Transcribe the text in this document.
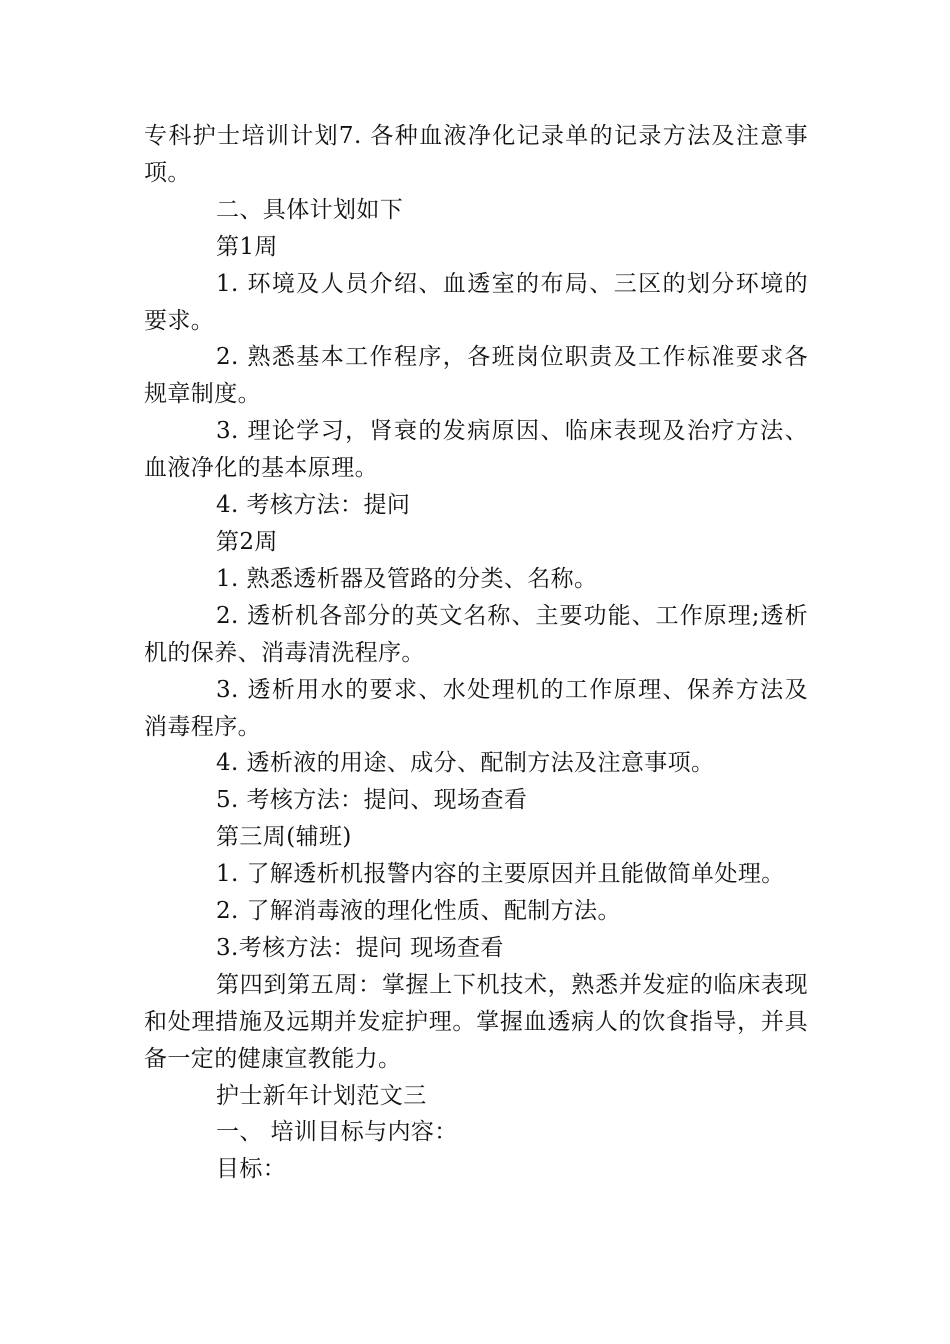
专科护士培训计划7. 各种血液净化记录单的记录方法及注意事项。

二、具体计划如下

第1周

1. 环境及人员介绍、血透室的布局、三区的划分环境的要求。

2. 熟悉基本工作程序，各班岗位职责及工作标准要求各规章制度。

3. 理论学习，肾衰的发病原因、临床表现及治疗方法、血液净化的基本原理。

4. 考核方法：提问

第2周

1. 熟悉透析器及管路的分类、名称。

2. 透析机各部分的英文名称、主要功能、工作原理;透析机的保养、消毒清洗程序。

3. 透析用水的要求、水处理机的工作原理、保养方法及消毒程序。

4. 透析液的用途、成分、配制方法及注意事项。

5. 考核方法：提问、现场查看

第三周(辅班)

1. 了解透析机报警内容的主要原因并且能做简单处理。

2. 了解消毒液的理化性质、配制方法。

3.考核方法：提问 现场查看

第四到第五周：掌握上下机技术，熟悉并发症的临床表现和处理措施及远期并发症护理。掌握血透病人的饮食指导，并具备一定的健康宣教能力。

护士新年计划范文三

一、 培训目标与内容：

目标：
